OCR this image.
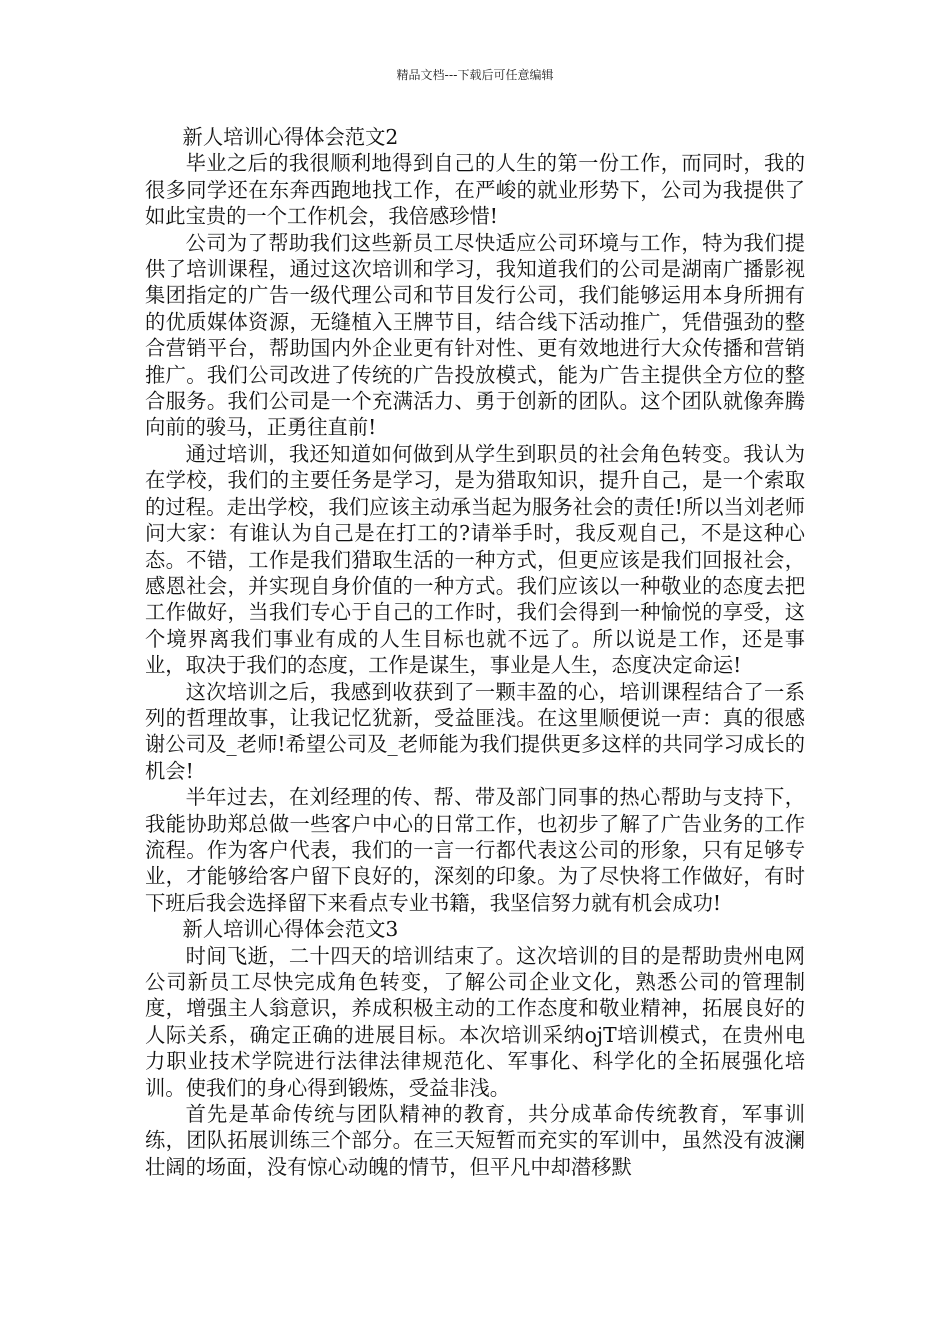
精品文档---下载后可任意编辑

新人培训心得体会范文2

毕业之后的我很顺利地得到自己的人生的第一份工作，而同时，我的很多同学还在东奔西跑地找工作，在严峻的就业形势下，公司为我提供了如此宝贵的一个工作机会，我倍感珍惜!

公司为了帮助我们这些新员工尽快适应公司环境与工作，特为我们提供了培训课程，通过这次培训和学习，我知道我们的公司是湖南广播影视集团指定的广告一级代理公司和节目发行公司，我们能够运用本身所拥有的优质媒体资源，无缝植入王牌节目，结合线下活动推广，凭借强劲的整合营销平台，帮助国内外企业更有针对性、更有效地进行大众传播和营销推广。我们公司改进了传统的广告投放模式，能为广告主提供全方位的整合服务。我们公司是一个充满活力、勇于创新的团队。这个团队就像奔腾向前的骏马，正勇往直前!

通过培训，我还知道如何做到从学生到职员的社会角色转变。我认为在学校，我们的主要任务是学习，是为猎取知识，提升自己，是一个索取的过程。走出学校，我们应该主动承当起为服务社会的责任!所以当刘老师问大家：有谁认为自己是在打工的?请举手时，我反观自己，不是这种心态。不错，工作是我们猎取生活的一种方式，但更应该是我们回报社会，感恩社会，并实现自身价值的一种方式。我们应该以一种敬业的态度去把工作做好，当我们专心于自己的工作时，我们会得到一种愉悦的享受，这个境界离我们事业有成的人生目标也就不远了。所以说是工作，还是事业，取决于我们的态度，工作是谋生，事业是人生，态度决定命运!

这次培训之后，我感到收获到了一颗丰盈的心，培训课程结合了一系列的哲理故事，让我记忆犹新，受益匪浅。在这里顺便说一声：真的很感谢公司及_老师!希望公司及_老师能为我们提供更多这样的共同学习成长的机会!

半年过去，在刘经理的传、帮、带及部门同事的热心帮助与支持下，我能协助郑总做一些客户中心的日常工作，也初步了解了广告业务的工作流程。作为客户代表，我们的一言一行都代表这公司的形象，只有足够专业，才能够给客户留下良好的，深刻的印象。为了尽快将工作做好，有时下班后我会选择留下来看点专业书籍，我坚信努力就有机会成功!

新人培训心得体会范文3

时间飞逝，二十四天的培训结束了。这次培训的目的是帮助贵州电网公司新员工尽快完成角色转变，了解公司企业文化，熟悉公司的管理制度，增强主人翁意识，养成积极主动的工作态度和敬业精神，拓展良好的人际关系，确定正确的进展目标。本次培训采纳ojT培训模式，在贵州电力职业技术学院进行法律法律规范化、军事化、科学化的全拓展强化培训。使我们的身心得到锻炼，受益非浅。

首先是革命传统与团队精神的教育，共分成革命传统教育，军事训练，团队拓展训练三个部分。在三天短暂而充实的军训中，虽然没有波澜壮阔的场面，没有惊心动魄的情节，但平凡中却潜移默
